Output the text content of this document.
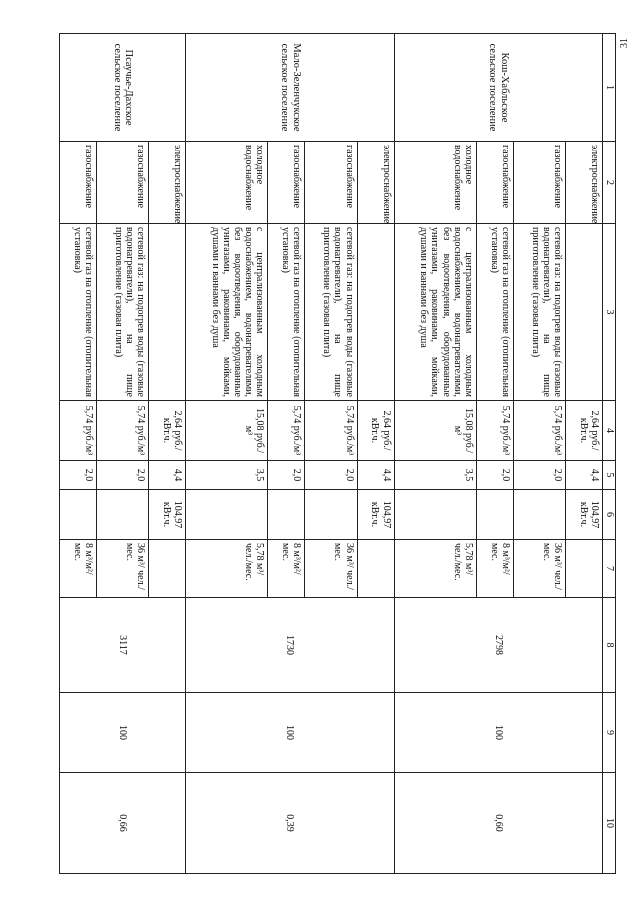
31
1	2	3	4	5	6	7	8	9	10
Кош-Хабльское сельское поселение	электроснабжение		2,64 руб./кВт.ч.	4,4	104,97 кВт.ч.		2798	100	0,60
	газоснабжение	сетевой газ: на подогрев воды (газовые водонагреватели), на пище приготовление (газовая плита)	5,74 руб./м³	2,0		36 м³/ чел./мес.			
	газоснабжение	сетевой газ на отопление (отопительная установка)	5,74 руб./м³	2,0		8 м³/м²/ мес.			
	холодное водоснабжение	с централизованным холодным водоснабжением, водонагревателями, без водоотведения, оборудованные унитазами, раковинами, мойками, душами и ваннами без душа	15,08 руб./м³	3,5		5,78 м³/ чел./мес.			
Мало-Зеленчукское сельское поселение	электроснабжение		2,64 руб./кВт.ч.	4,4	104,97 кВт.ч.		1730	100	0,39
	газоснабжение	сетевой газ: на подогрев воды (газовые водонагреватели), на пище приготовление (газовая плита)	5,74 руб./м³	2,0		36 м³/ чел./мес.			
	газоснабжение	сетевой газ на отопление (отопительная установка)	5,74 руб./м³	2,0		8 м³/м²/ мес.			
	холодное водоснабжение	с централизованным холодным водоснабжением, водонагревателями, без водоотведения, оборудованные унитазами, раковинами, мойками, душами и ваннами без душа	15,08 руб./м³	3,5		5,78 м³/ чел./мес.			
Псаучье-Дахское сельское поселение	электроснабжение		2,64 руб./кВт.ч.	4,4	104,97 кВт.ч.		3117	100	0,66
	газоснабжение	сетевой газ: на подогрев воды (газовые водонагреватели), на пище приготовление (газовая плита)	5,74 руб./м³	2,0		36 м³/ чел./мес.			
	газоснабжение	сетевой газ на отопление (отопительная установка)	5,74 руб./м³	2,0		8 м³/м²/ мес.			
